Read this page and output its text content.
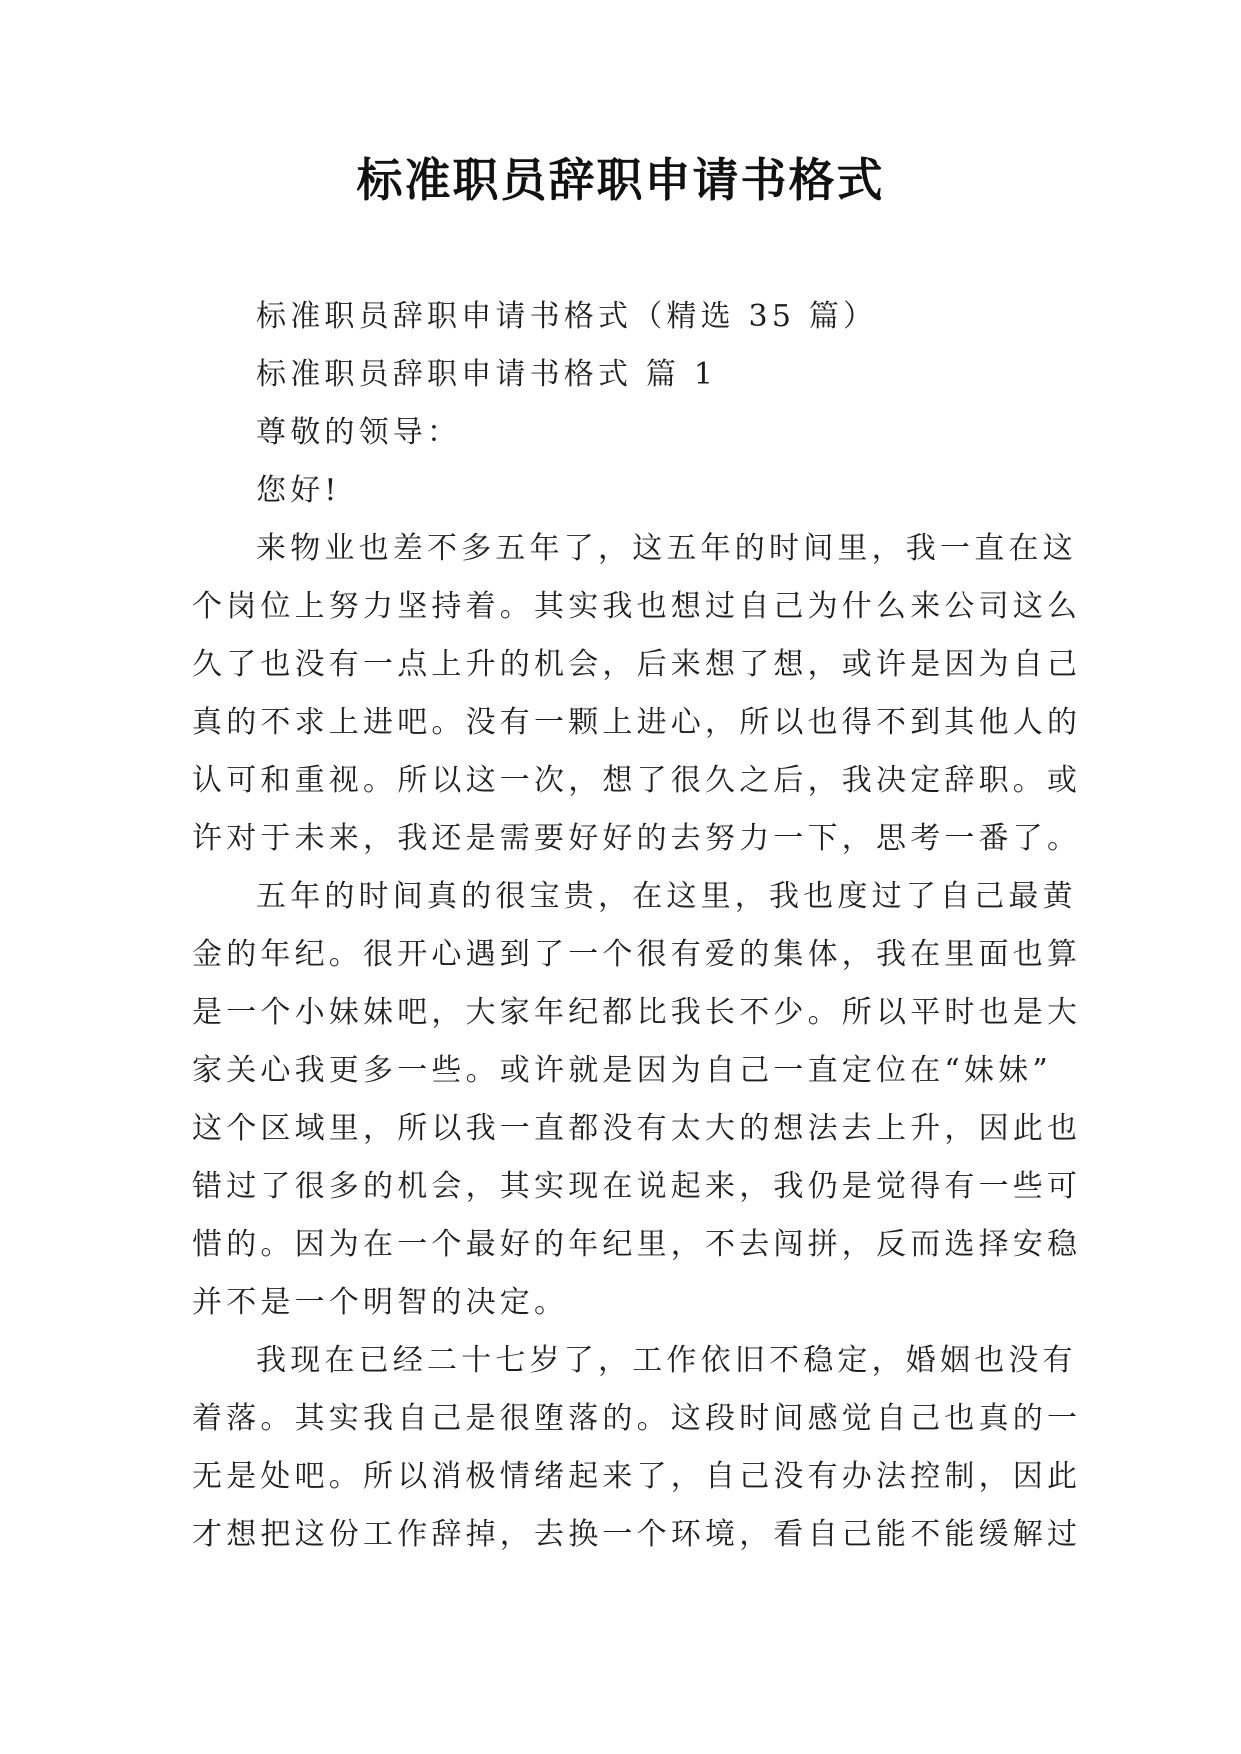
标准职员辞职申请书格式
标准职员辞职申请书格式（精选 35 篇）
标准职员辞职申请书格式 篇 1
尊敬的领导：
您好!
来物业也差不多五年了，这五年的时间里，我一直在这
个岗位上努力坚持着。其实我也想过自己为什么来公司这么
久了也没有一点上升的机会，后来想了想，或许是因为自己
真的不求上进吧。没有一颗上进心，所以也得不到其他人的
认可和重视。所以这一次，想了很久之后，我决定辞职。或
许对于未来，我还是需要好好的去努力一下，思考一番了。
五年的时间真的很宝贵，在这里，我也度过了自己最黄
金的年纪。很开心遇到了一个很有爱的集体，我在里面也算
是一个小妹妹吧，大家年纪都比我长不少。所以平时也是大
家关心我更多一些。或许就是因为自己一直定位在“妹妹”
这个区域里，所以我一直都没有太大的想法去上升，因此也
错过了很多的机会，其实现在说起来，我仍是觉得有一些可
惜的。因为在一个最好的年纪里，不去闯拼，反而选择安稳
并不是一个明智的决定。
我现在已经二十七岁了，工作依旧不稳定，婚姻也没有
着落。其实我自己是很堕落的。这段时间感觉自己也真的一
无是处吧。所以消极情绪起来了，自己没有办法控制，因此
才想把这份工作辞掉，去换一个环境，看自己能不能缓解过
